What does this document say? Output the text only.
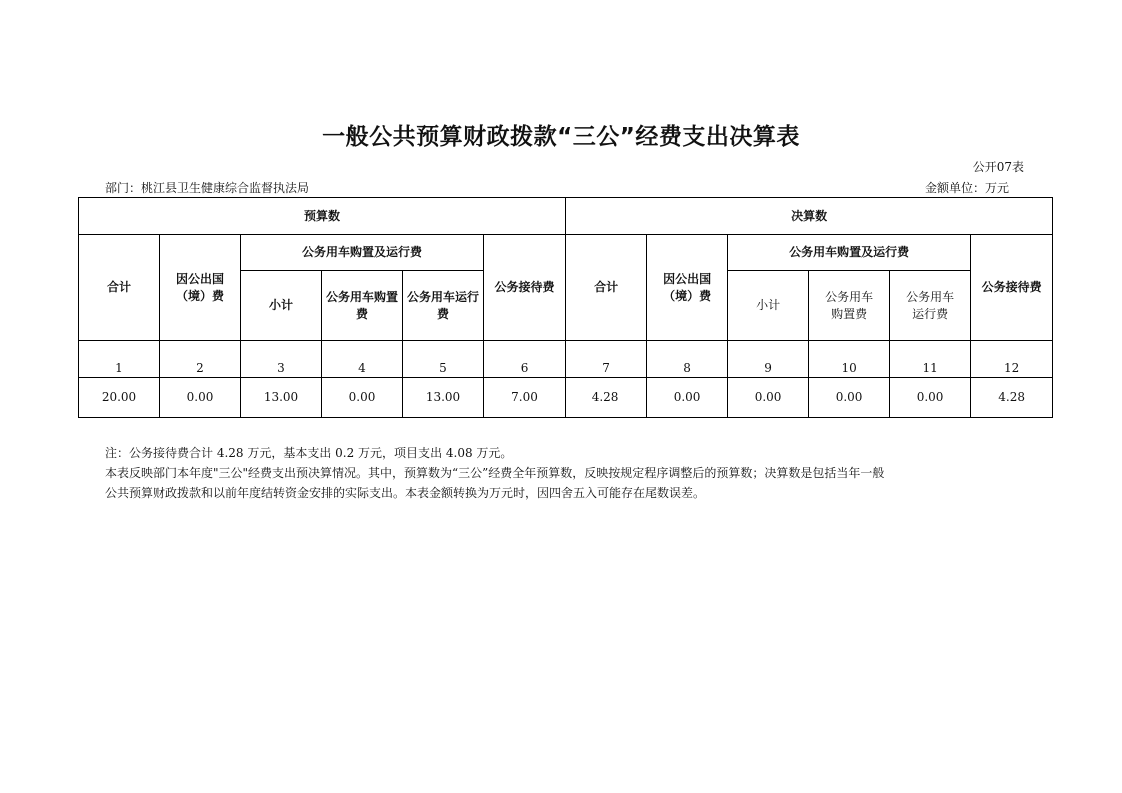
一般公共预算财政拨款“三公”经费支出决算表
公开07表
部门：桃江县卫生健康综合监督执法局	金额单位：万元
预算数						决算数					
合计	因公出国（境）费	公务用车购置及运行费			公务接待费	合计	因公出国（境）费	公务用车购置及运行费			公务接待费
		小计	公务用车购置费	公务用车运行费				小计	公务用车购置费	公务用车运行费	
1	2	3	4	5	6	7	8	9	10	11	12
20.00	0.00	13.00	0.00	13.00	7.00	4.28	0.00	0.00	0.00	0.00	4.28
注：公务接待费合计 4.28 万元，基本支出 0.2 万元，项目支出 4.08 万元。
本表反映部门本年度"三公"经费支出预决算情况。其中，预算数为“三公”经费全年预算数，反映按规定程序调整后的预算数；决算数是包括当年一般
公共预算财政拨款和以前年度结转资金安排的实际支出。本表金额转换为万元时，因四舍五入可能存在尾数误差。
